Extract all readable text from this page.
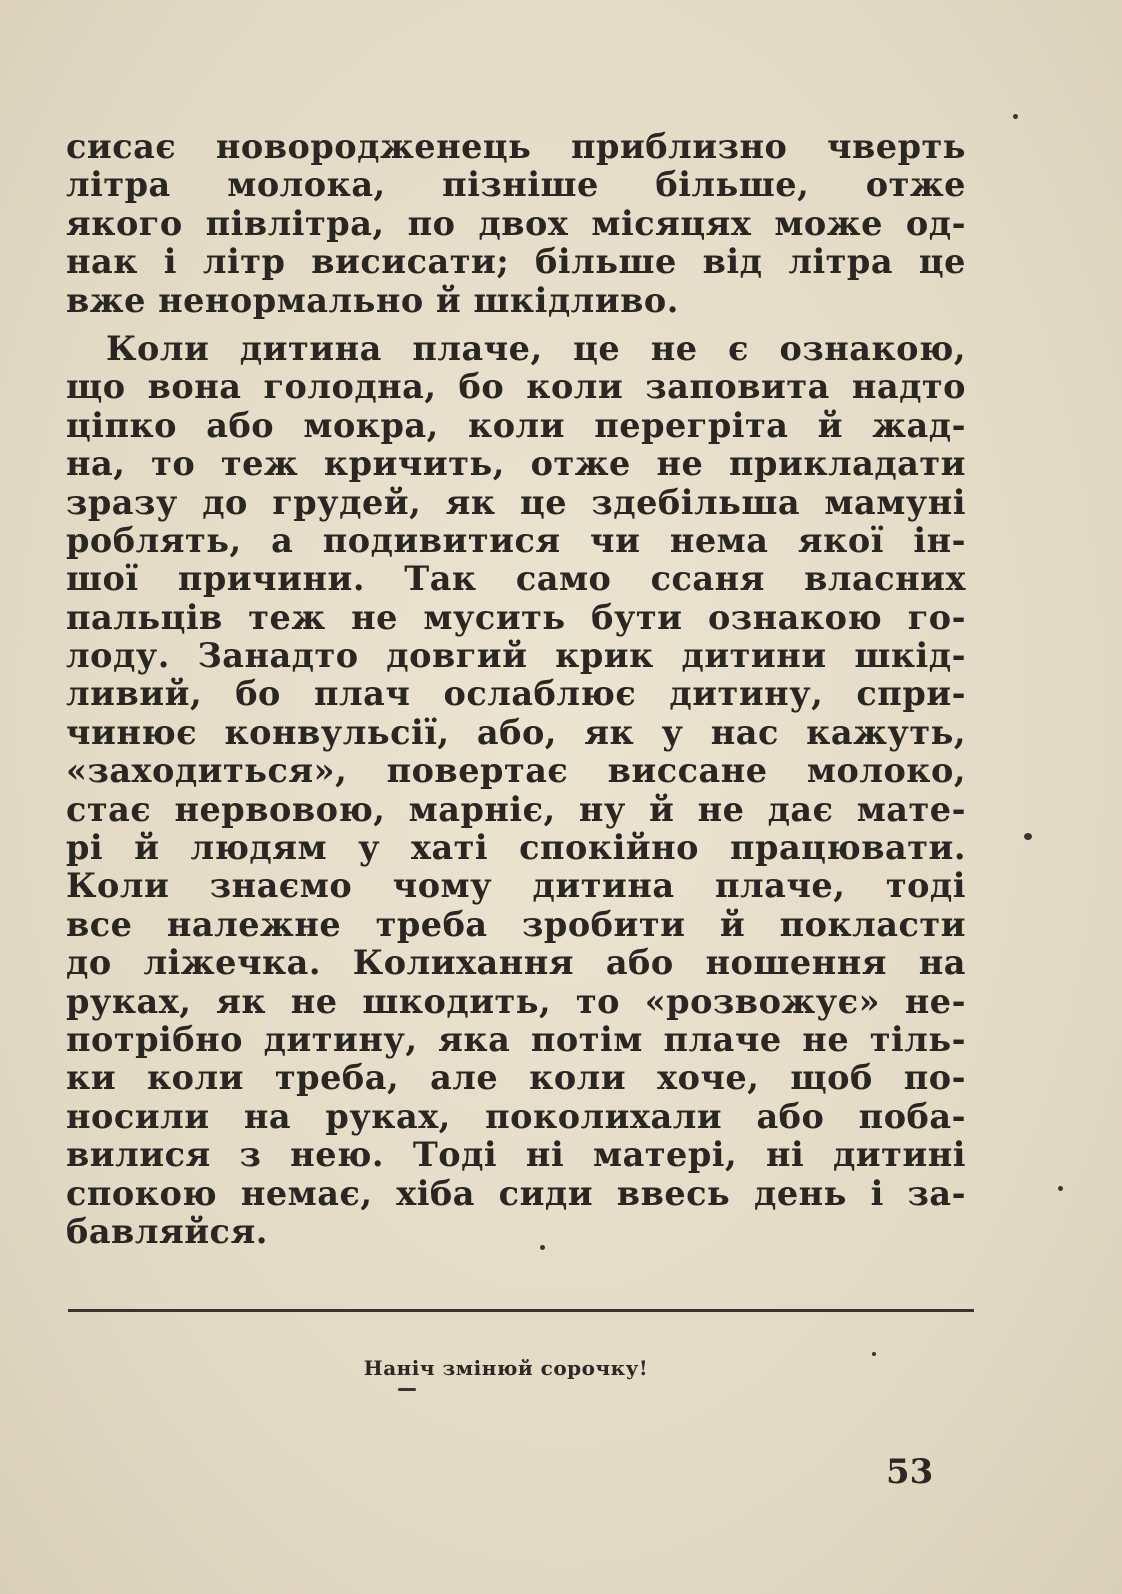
сисає новородженець приблизно чверть
літра молока, пізніше більше, отже
якого півлітра, по двох місяцях може од-
нак і літр висисати; більше від літра це
вже ненормально й шкідливо.
Коли дитина плаче, це не є ознакою,
що вона голодна, бо коли заповита надто
ціпко або мокра, коли перегріта й жад-
на, то теж кричить, отже не прикладати
зразу до грудей, як це здебільша мамуні
роблять, а подивитися чи нема якої ін-
шої причини. Так само ссаня власних
пальців теж не мусить бути ознакою го-
лоду. Занадто довгий крик дитини шкід-
ливий, бо плач ослаблює дитину, спри-
чинює конвульсії, або, як у нас кажуть,
«заходиться», повертає виссане молоко,
стає нервовою, марніє, ну й не дає мате-
рі й людям у хаті спокійно працювати.
Коли знаємо чому дитина плаче, тоді
все належне треба зробити й покласти
до ліжечка. Колихання або ношення на
руках, як не шкодить, то «розвожує» не-
потрібно дитину, яка потім плаче не тіль-
ки коли треба, але коли хоче, щоб по-
носили на руках, поколихали або поба-
вилися з нею. Тоді ні матері, ні дитині
спокою немає, хіба сиди ввесь день і за-
бавляйся.
Наніч змінюй сорочку!
53
